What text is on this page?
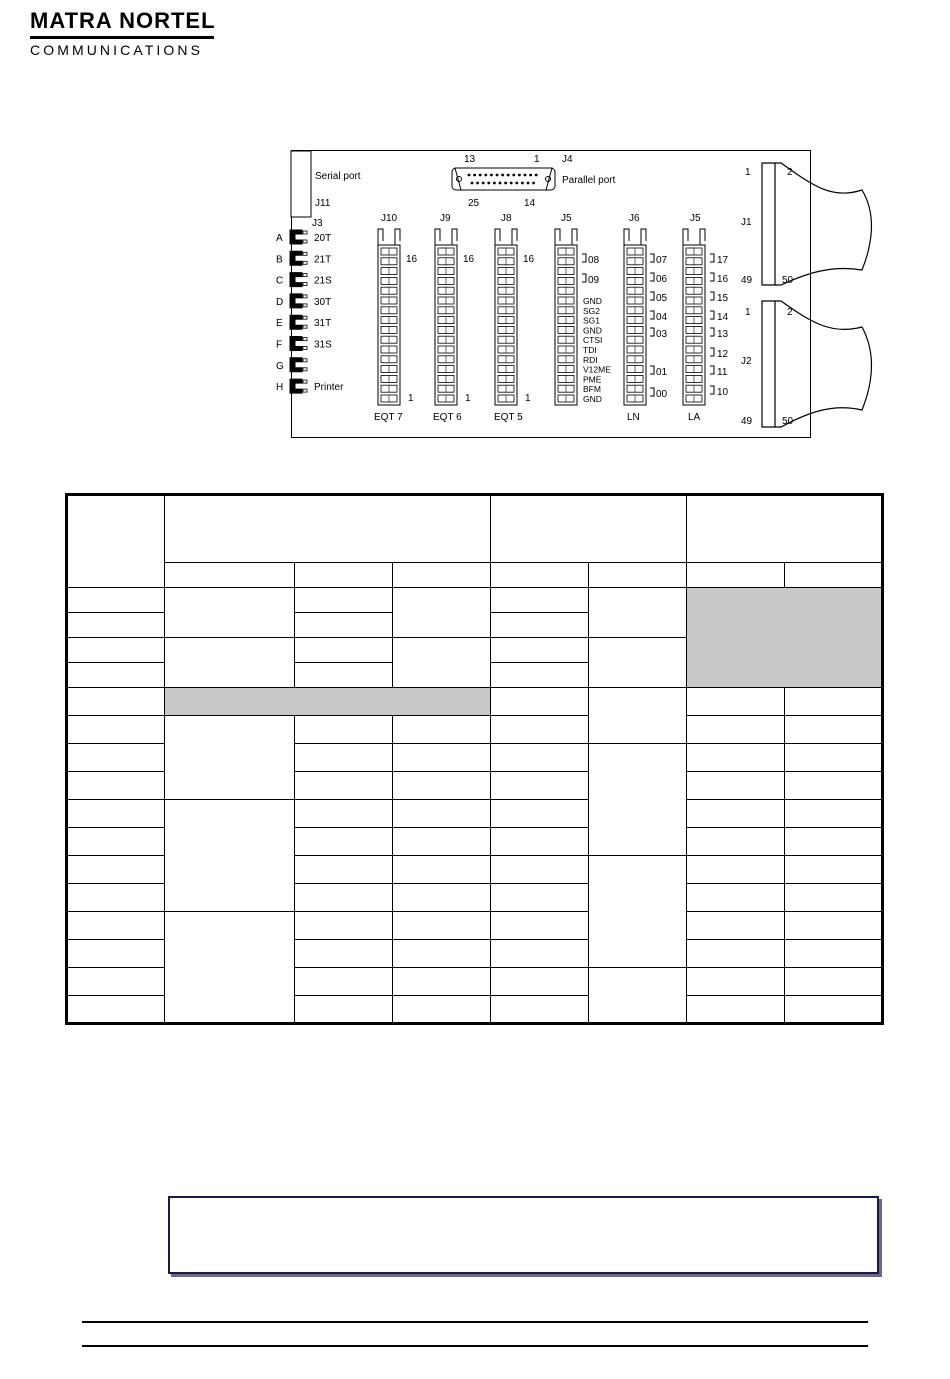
MATRA NORTEL
COMMUNICATIONS
Serial port
J11
13	1 J4
Parallel port
25	14
J3
A	20T
B	21T
C	21S
D	30T
E	31T
F	31S
G
H	Printer
J10
EQT 7
16
1
J9
EQT 6
16
1
J8
EQT 5
16
1
J5	J6
LN
J5
LA
08
09
GND
SG2
SG1
GND
CTSI
TDI
RDI
V12ME
PME
BFM
GND
07
06
05
04
03
01
00
17
16
15
14
13
12
11
10
1	2
J1
49	50
1	2
J2
49	50
